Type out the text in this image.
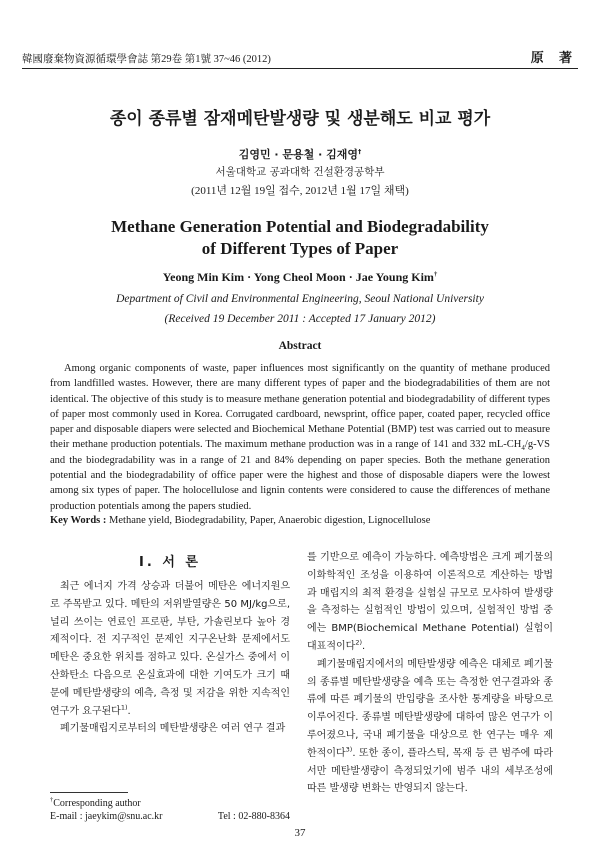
韓國廢棄物資源循環學會誌 第29卷 第1號 37~46 (2012)	原 著
종이 종류별 잠재메탄발생량 및 생분해도 비교 평가
김영민 · 문용철 · 김재영†
서울대학교 공과대학 건설환경공학부
(2011년 12월 19일 접수, 2012년 1월 17일 채택)
Methane Generation Potential and Biodegradability
of Different Types of Paper
Yeong Min Kim · Yong Cheol Moon · Jae Young Kim†
Department of Civil and Environmental Engineering, Seoul National University
(Received 19 December 2011 : Accepted 17 January 2012)
Abstract
Among organic components of waste, paper influences most significantly on the quantity of methane produced from landfilled wastes. However, there are many different types of paper and the biodegradabilities of them are not identical. The objective of this study is to measure methane generation potential and biodegradability of different types of paper most commonly used in Korea. Corrugated cardboard, newsprint, office paper, coated paper, recycled office paper and disposable diapers were selected and Biochemical Methane Potential (BMP) test was carried out to measure their methane production potentials. The maximum methane production was in a range of 141 and 332 $mL-CH_4/g-VS$ and the biodegradability was in a range of 21 and 84% depending on paper species. Both the methane generation potential and the biodegradability of office paper were the highest and those of disposable diapers were the lowest among six types of paper. The holocellulose and lignin contents were considered to cause the differences of methane production potentials among the papers studied.
Key Words : Methane yield, Biodegradability, Paper, Anaerobic digestion, Lignocellulose
I. 서 론

최근 에너지 가격 상승과 더불어 메탄은 에너지원으로 주목받고 있다. 메탄의 저위발열량은 50 MJ/kg으로, 널리 쓰이는 연료인 프로판, 부탄, 가솔린보다 높아 경제적이다. 전 지구적인 문제인 지구온난화 문제에서도 메탄은 중요한 위치를 점하고 있다. 온실가스 중에서 이산화탄소 다음으로 온실효과에 대한 기여도가 크기 때문에 메탄발생량의 예측, 측정 및 저감을 위한 지속적인 연구가 요구된다$^{1)}$.

폐기물매립지로부터의 메탄발생량은 여러 연구 결과

를 기반으로 예측이 가능하다. 예측방법은 크게 폐기물의 이화학적인 조성을 이용하여 이론적으로 계산하는 방법과 매립지의 최적 환경을 실험실 규모로 모사하여 발생량을 측정하는 실험적인 방법이 있으며, 실험적인 방법 중에는 BMP(Biochemical Methane Potential) 실험이 대표적이다$^{2)}$.

폐기물매립지에서의 메탄발생량 예측은 대체로 폐기물의 종류별 메탄발생량을 예측 또는 측정한 연구결과와 종류에 따른 폐기물의 반입량을 조사한 통계량을 바탕으로 이루어진다. 종류별 메탄발생량에 대하여 많은 연구가 이루어졌으나, 국내 폐기물을 대상으로 한 연구는 매우 제한적이다$^{3)}$. 또한 종이, 플라스틱, 목재 등 큰 범주에 따라서만 메탄발생량이 측정되었기에 범주 내의 세부조성에 따른 발생량 변화는 반영되지 않는다.

†Corresponding author
E-mail : jaeykim@snu.ac.kr	Tel : 02-880-8364
37
